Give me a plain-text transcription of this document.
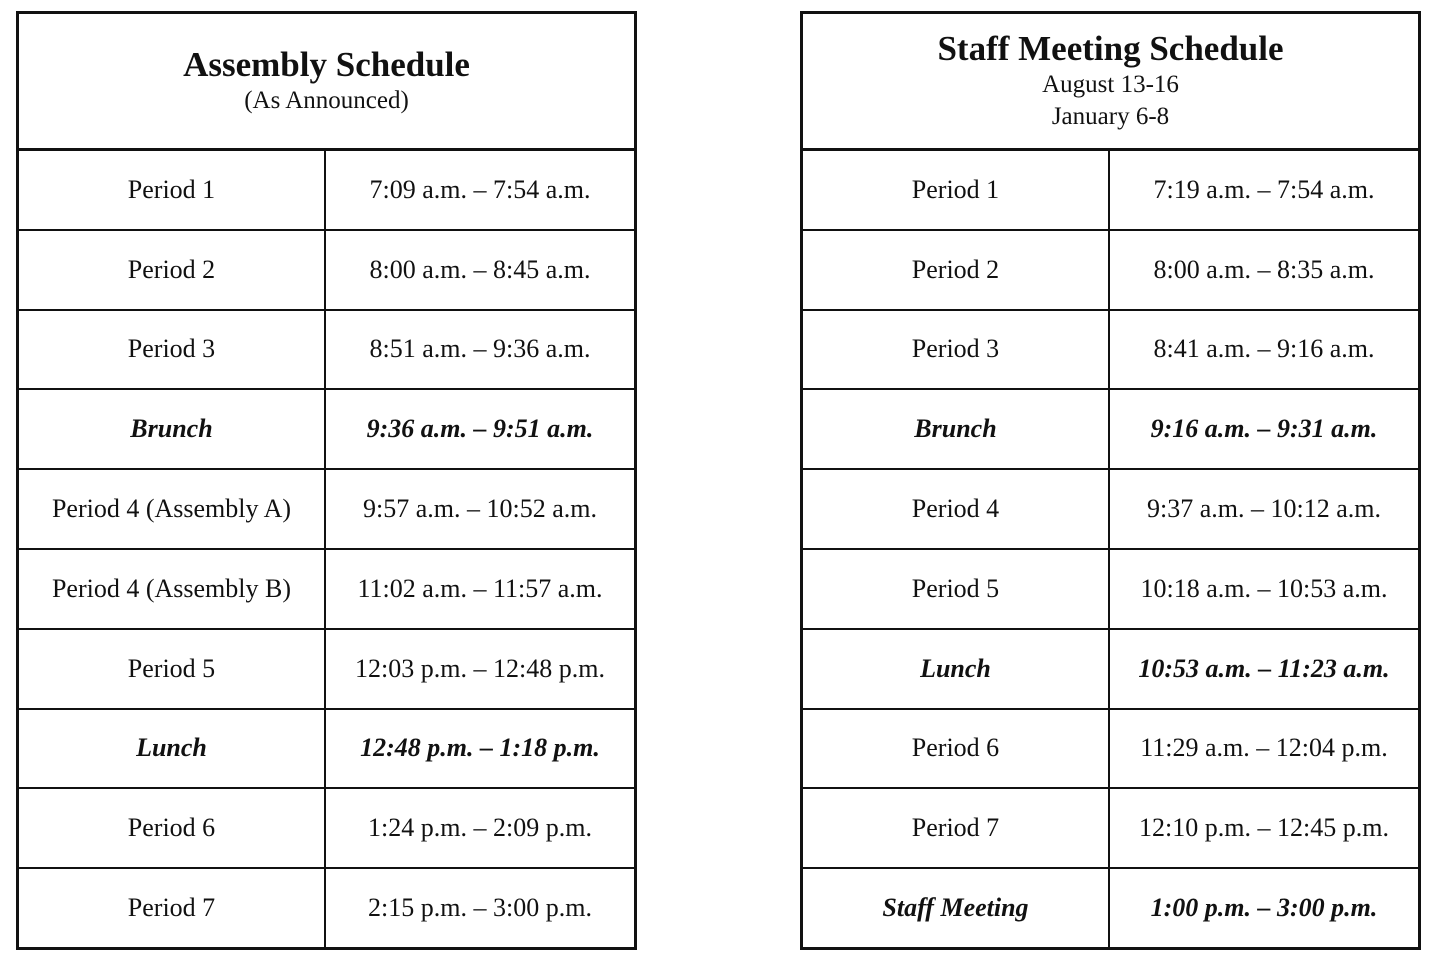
Assembly Schedule
(As Announced)
Period 1	7:09 a.m. – 7:54 a.m.
Period 2	8:00 a.m. – 8:45 a.m.
Period 3	8:51 a.m. – 9:36 a.m.
Brunch	9:36 a.m. – 9:51 a.m.
Period 4 (Assembly A)	9:57 a.m. – 10:52 a.m.
Period 4 (Assembly B)	11:02 a.m. – 11:57 a.m.
Period 5	12:03 p.m. – 12:48 p.m.
Lunch	12:48 p.m. – 1:18 p.m.
Period 6	1:24 p.m. – 2:09 p.m.
Period 7	2:15 p.m. – 3:00 p.m.
Staff Meeting Schedule
August 13-16
January 6-8
Period 1	7:19 a.m. – 7:54 a.m.
Period 2	8:00 a.m. – 8:35 a.m.
Period 3	8:41 a.m. – 9:16 a.m.
Brunch	9:16 a.m. – 9:31 a.m.
Period 4	9:37 a.m. – 10:12 a.m.
Period 5	10:18 a.m. – 10:53 a.m.
Lunch	10:53 a.m. – 11:23 a.m.
Period 6	11:29 a.m. – 12:04 p.m.
Period 7	12:10 p.m. – 12:45 p.m.
Staff Meeting	1:00 p.m. – 3:00 p.m.
